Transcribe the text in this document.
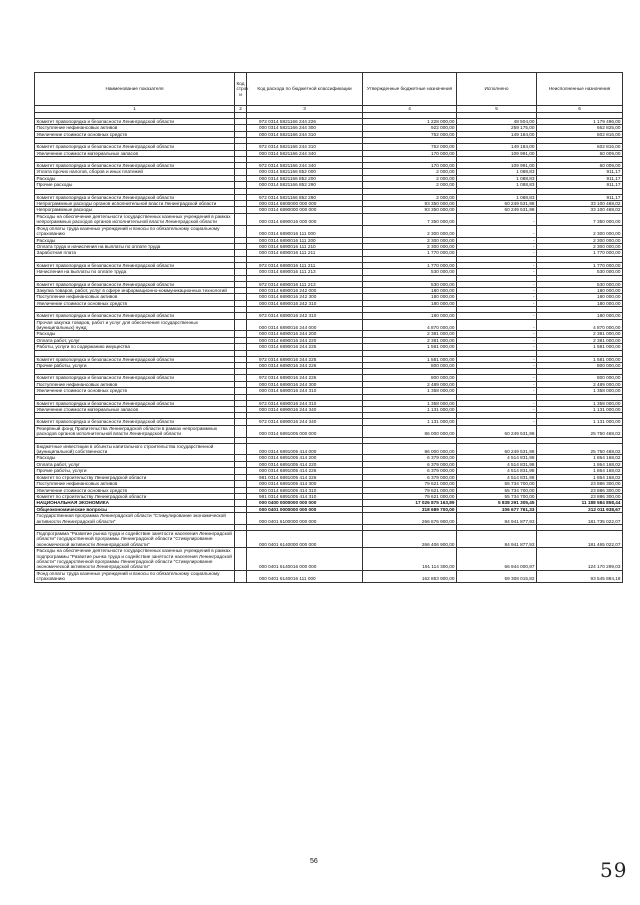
Наименование показателя	Код строк и	Код расхода по бюджетной классификации	Утвержденные бюджетные назначения	Исполнено	Неисполненные назначения
1	2	3	4	5	6

Комитет правопорядка и безопасности Ленинградской области		972 0314 5821166 244 226	1 228 000,00	48 504,00	1 179 496,00
Поступление нефинансовых активов		000 0314 5821166 244 300	922 000,00	259 175,00	662 825,00
Увеличение стоимости основных средств		000 0314 5821166 244 310	752 000,00	149 184,00	602 816,00

Комитет правопорядка и безопасности Ленинградской области		972 0314 5821166 244 310	752 000,00	149 184,00	602 816,00
Увеличение стоимости материальных запасов		000 0314 5821166 244 340	170 000,00	109 991,00	60 009,00

Комитет правопорядка и безопасности Ленинградской области		972 0314 5821166 244 340	170 000,00	109 991,00	60 009,00
Уплата прочих налогов, сборов и иных платежей		000 0314 5821166 852 000	2 000,00	1 088,83	911,17
Расходы		000 0314 5821166 852 200	2 000,00	1 088,83	911,17
Прочие расходы		000 0314 5821166 852 290	2 000,00	1 088,83	911,17

Комитет правопорядка и безопасности Ленинградской области		972 0314 5821166 852 290	2 000,00	1 088,83	911,17
Непрограммные расходы органов исполнительной власти Ленинградской области		000 0314 6800000 000 000	93 350 000,00	60 249 531,98	33 100 468,02
Непрограммные расходы		000 0314 6890000 000 000	93 350 000,00	60 249 531,98	33 100 468,02
Расходы на обеспечение деятельности государственных казенных учреждений в рамках непрограммных расходов органов исполнительной власти Ленинградской области		000 0314 6890016 000 000	7 350 000,00	-	7 350 000,00
Фонд оплаты труда казенных учреждений и взносы по обязательному социальному страхованию		000 0314 6890016 111 000	2 300 000,00	-	2 300 000,00
Расходы		000 0314 6890016 111 200	2 300 000,00	-	2 300 000,00
Оплата труда и начисления на выплаты по оплате труда		000 0314 6890016 111 210	2 300 000,00	-	2 300 000,00
Заработная плата		000 0314 6890016 111 211	1 770 000,00	-	1 770 000,00

Комитет правопорядка и безопасности Ленинградской области		972 0314 6890016 111 211	1 770 000,00	-	1 770 000,00
Начисления на выплаты по оплате труда		000 0314 6890016 111 213	530 000,00	-	530 000,00

Комитет правопорядка и безопасности Ленинградской области		972 0314 6890016 111 213	530 000,00	-	530 000,00
Закупка товаров, работ, услуг в сфере информационно-коммуникационных технологий		000 0314 6890016 242 000	180 000,00	-	180 000,00
Поступление нефинансовых активов		000 0314 6890016 242 300	180 000,00	-	180 000,00
Увеличение стоимости основных средств		000 0314 6890016 242 310	180 000,00	-	180 000,00

Комитет правопорядка и безопасности Ленинградской области		972 0314 6890016 242 310	180 000,00	-	180 000,00
Прочая закупка товаров, работ и услуг для обеспечения государственных (муниципальных) нужд		000 0314 6890016 244 000	4 870 000,00	-	4 870 000,00
Расходы		000 0314 6890016 244 200	2 381 000,00	-	2 381 000,00
Оплата работ, услуг		000 0314 6890016 244 220	2 381 000,00	-	2 381 000,00
Работы, услуги по содержанию имущества		000 0314 6890016 244 225	1 581 000,00	-	1 581 000,00

Комитет правопорядка и безопасности Ленинградской области		972 0314 6890016 244 225	1 581 000,00	-	1 581 000,00
Прочие работы, услуги		000 0314 6890016 244 226	800 000,00	-	800 000,00

Комитет правопорядка и безопасности Ленинградской области		972 0314 6890016 244 226	800 000,00	-	800 000,00
Поступление нефинансовых активов		000 0314 6890016 244 300	2 489 000,00	-	2 489 000,00
Увеличение стоимости основных средств		000 0314 6890016 244 310	1 358 000,00	-	1 358 000,00

Комитет правопорядка и безопасности Ленинградской области		972 0314 6890016 244 310	1 358 000,00	-	1 358 000,00
Увеличение стоимости материальных запасов		000 0314 6890016 244 340	1 131 000,00	-	1 131 000,00

Комитет правопорядка и безопасности Ленинградской области		972 0314 6890016 244 340	1 131 000,00	-	1 131 000,00
Резервный фонд Правительства Ленинградской области в рамках непрограммных расходов органов исполнительной власти Ленинградской области		000 0314 6891005 000 000	86 000 000,00	60 249 531,98	25 750 468,02

Бюджетные инвестиции в объекты капитального строительства государственной (муниципальной) собственности		000 0314 6891005 414 000	86 000 000,00	60 249 531,98	25 750 468,02
Расходы		000 0314 6891005 414 200	6 379 000,00	4 514 831,98	1 864 168,02
Оплата работ, услуг		000 0314 6891005 414 220	6 379 000,00	4 514 831,98	1 864 168,02
Прочие работы, услуги		000 0314 6891005 414 226	6 379 000,00	4 514 831,98	1 864 168,02
Комитет по строительству Ленинградской области		981 0314 6891005 414 226	6 379 000,00	4 514 831,98	1 864 168,02
Поступление нефинансовых активов		000 0314 6891005 414 300	79 621 000,00	55 734 700,00	23 886 300,00
Увеличение стоимости основных средств		000 0314 6891005 414 310	79 621 000,00	55 734 700,00	23 886 300,00
Комитет по строительству Ленинградской области		981 0314 6891005 414 310	79 621 000,00	55 734 700,00	23 886 300,00
НАЦИОНАЛЬНАЯ ЭКОНОМИКА		000 0400 0000000 000 000	17 026 875 163,89	5 838 291 305,45	11 188 584 858,44
Общеэкономические вопросы		000 0401 0000000 000 000	318 689 700,00	106 677 761,33	212 011 938,67
Государственная программа Ленинградской области "Стимулирование экономической активности Ленинградской области"		000 0401 6100000 000 000	266 676 900,00	84 941 877,93	181 735 022,07

Подпрограмма "Развитие рынка труда и содействие занятости населения Ленинградской области" государственной программы Ленинградской области "Стимулирование экономической активности Ленинградской области"		000 0401 6140000 000 000	266 406 900,00	84 941 877,93	181 465 022,07
Расходы на обеспечение деятельности государственных казенных учреждений в рамках подпрограммы "Развитие рынка труда и содействие занятости населения Ленинградской области" государственной программы Ленинградской области "Стимулирование экономической активности Ленинградской области"		000 0401 6140016 000 000	191 114 300,00	66 944 000,97	124 170 299,03
Фонд оплаты труда казенных учреждений и взносы по обязательному социальному страхованию		000 0401 6140016 111 000	162 853 900,00	59 308 015,82	93 545 884,18
56	59
